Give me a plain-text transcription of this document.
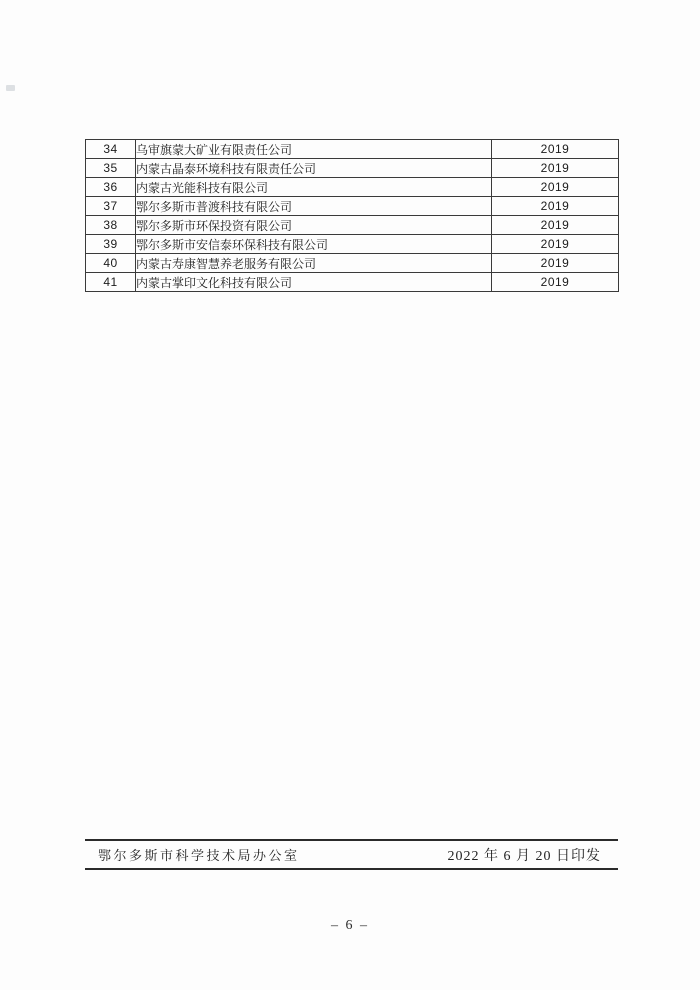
34	乌审旗蒙大矿业有限责任公司	2019
35	内蒙古晶泰环境科技有限责任公司	2019
36	内蒙古光能科技有限公司	2019
37	鄂尔多斯市普渡科技有限公司	2019
38	鄂尔多斯市环保投资有限公司	2019
39	鄂尔多斯市安信泰环保科技有限公司	2019
40	内蒙古寿康智慧养老服务有限公司	2019
41	内蒙古掌印文化科技有限公司	2019
鄂尔多斯市科学技术局办公室	2022 年 6 月 20 日印发
– 6 –
